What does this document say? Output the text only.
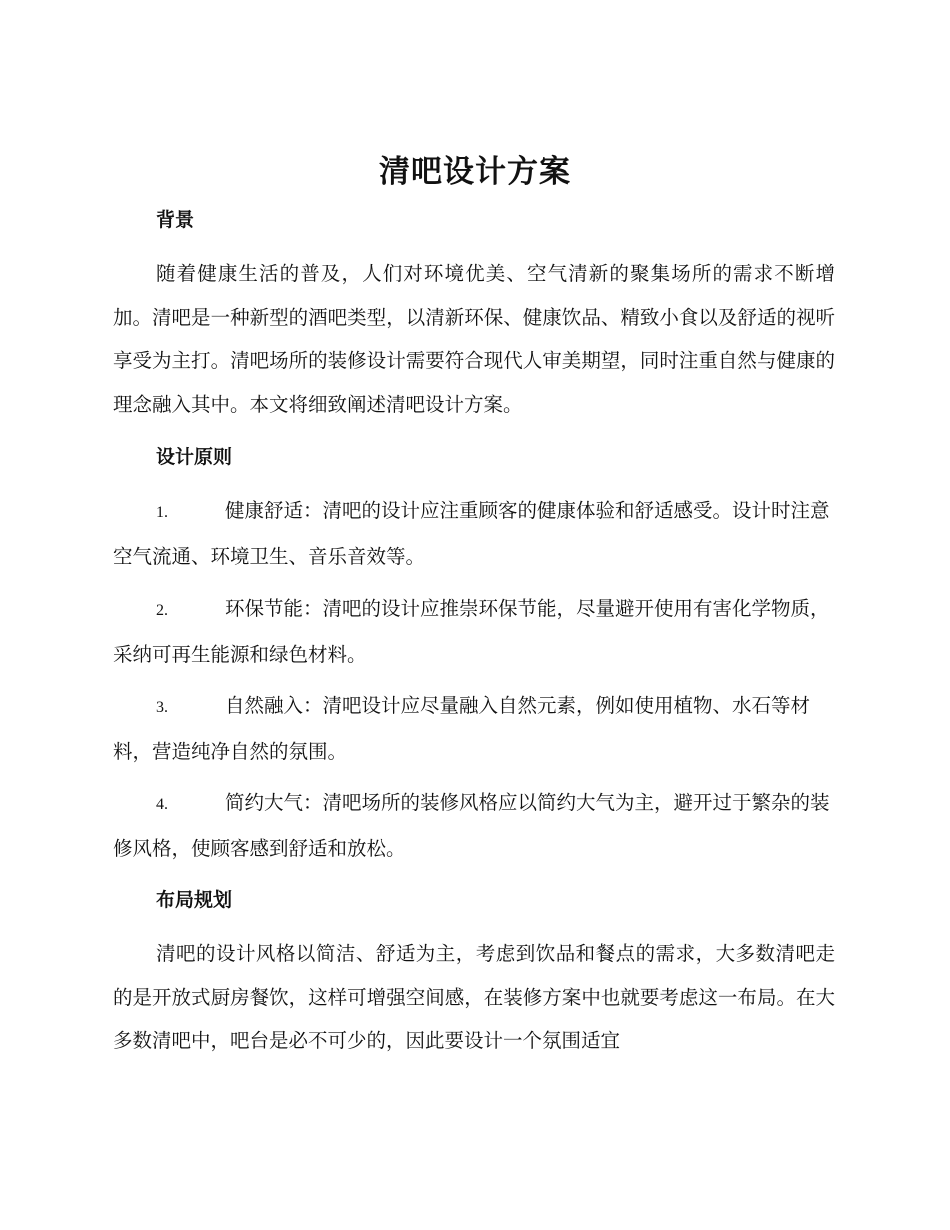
清吧设计方案
背景
随着健康生活的普及，人们对环境优美、空气清新的聚集场所的需求不断增加。清吧是一种新型的酒吧类型，以清新环保、健康饮品、精致小食以及舒适的视听享受为主打。清吧场所的装修设计需要符合现代人审美期望，同时注重自然与健康的理念融入其中。本文将细致阐述清吧设计方案。
设计原则
1.	健康舒适：清吧的设计应注重顾客的健康体验和舒适感受。设计时注意空气流通、环境卫生、音乐音效等。
2.	环保节能：清吧的设计应推崇环保节能，尽量避开使用有害化学物质，采纳可再生能源和绿色材料。
3.	自然融入：清吧设计应尽量融入自然元素，例如使用植物、水石等材料，营造纯净自然的氛围。
4.	简约大气：清吧场所的装修风格应以简约大气为主，避开过于繁杂的装修风格，使顾客感到舒适和放松。
布局规划
清吧的设计风格以简洁、舒适为主，考虑到饮品和餐点的需求，大多数清吧走的是开放式厨房餐饮，这样可增强空间感，在装修方案中也就要考虑这一布局。在大多数清吧中，吧台是必不可少的，因此要设计一个氛围适宜
